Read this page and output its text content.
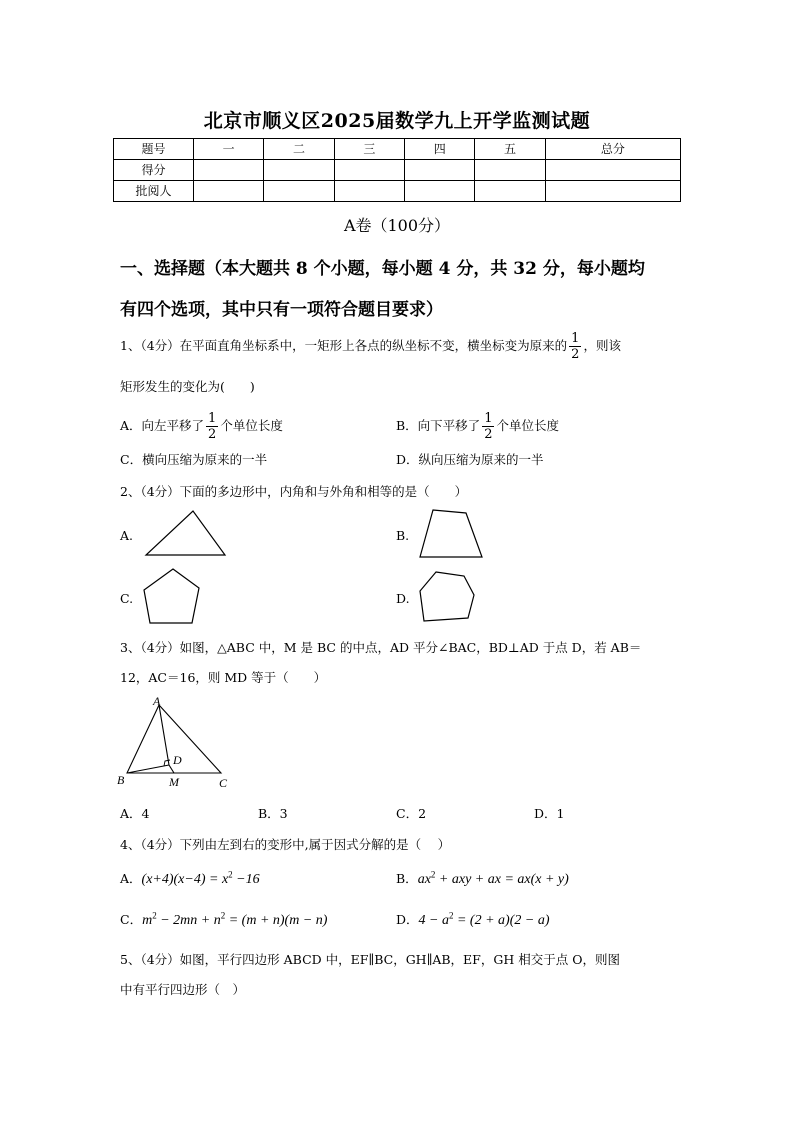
北京市顺义区2025届数学九上开学监测试题
题号	一	二	三	四	五	总分
得分						
批阅人						
A卷（100分）
一、选择题（本大题共 8 个小题，每小题 4 分，共 32 分，每小题均
有四个选项，其中只有一项符合题目要求）
1、（4分）在平面直角坐标系中，一矩形上各点的纵坐标不变，横坐标变为原来的 $\frac{1}{2}$ ，则该
矩形发生的变化为(　　)
A．向左平移了 $\frac{1}{2}$ 个单位长度	B．向下平移了 $\frac{1}{2}$ 个单位长度
C．横向压缩为原来的一半	D．纵向压缩为原来的一半
2、（4分）下面的多边形中，内角和与外角和相等的是（　　）
A.	B.
C.	D.
3、（4分）如图，△ABC 中，M 是 BC 的中点，AD 平分∠BAC，BD⊥AD 于点 D，若 AB＝
12，AC＝16，则 MD 等于（　　）
A
B	C
D
M
A．4	B．3	C．2	D．1
4、（4分）下列由左到右的变形中,属于因式分解的是（　 ）
A．$(x+4)(x-4) = x^2 -16$	B．$ax^2$ + axy + ax = ax(x + y)
C．$m^2 - 2mn + n^2 = (m + n)(m - n)$	D．$4 - a^2 = (2 + a)(2 - a)$
5、（4分）如图，平行四边形 ABCD 中，EF∥BC，GH∥AB，EF，GH 相交于点 O，则图
中有平行四边形（　）
